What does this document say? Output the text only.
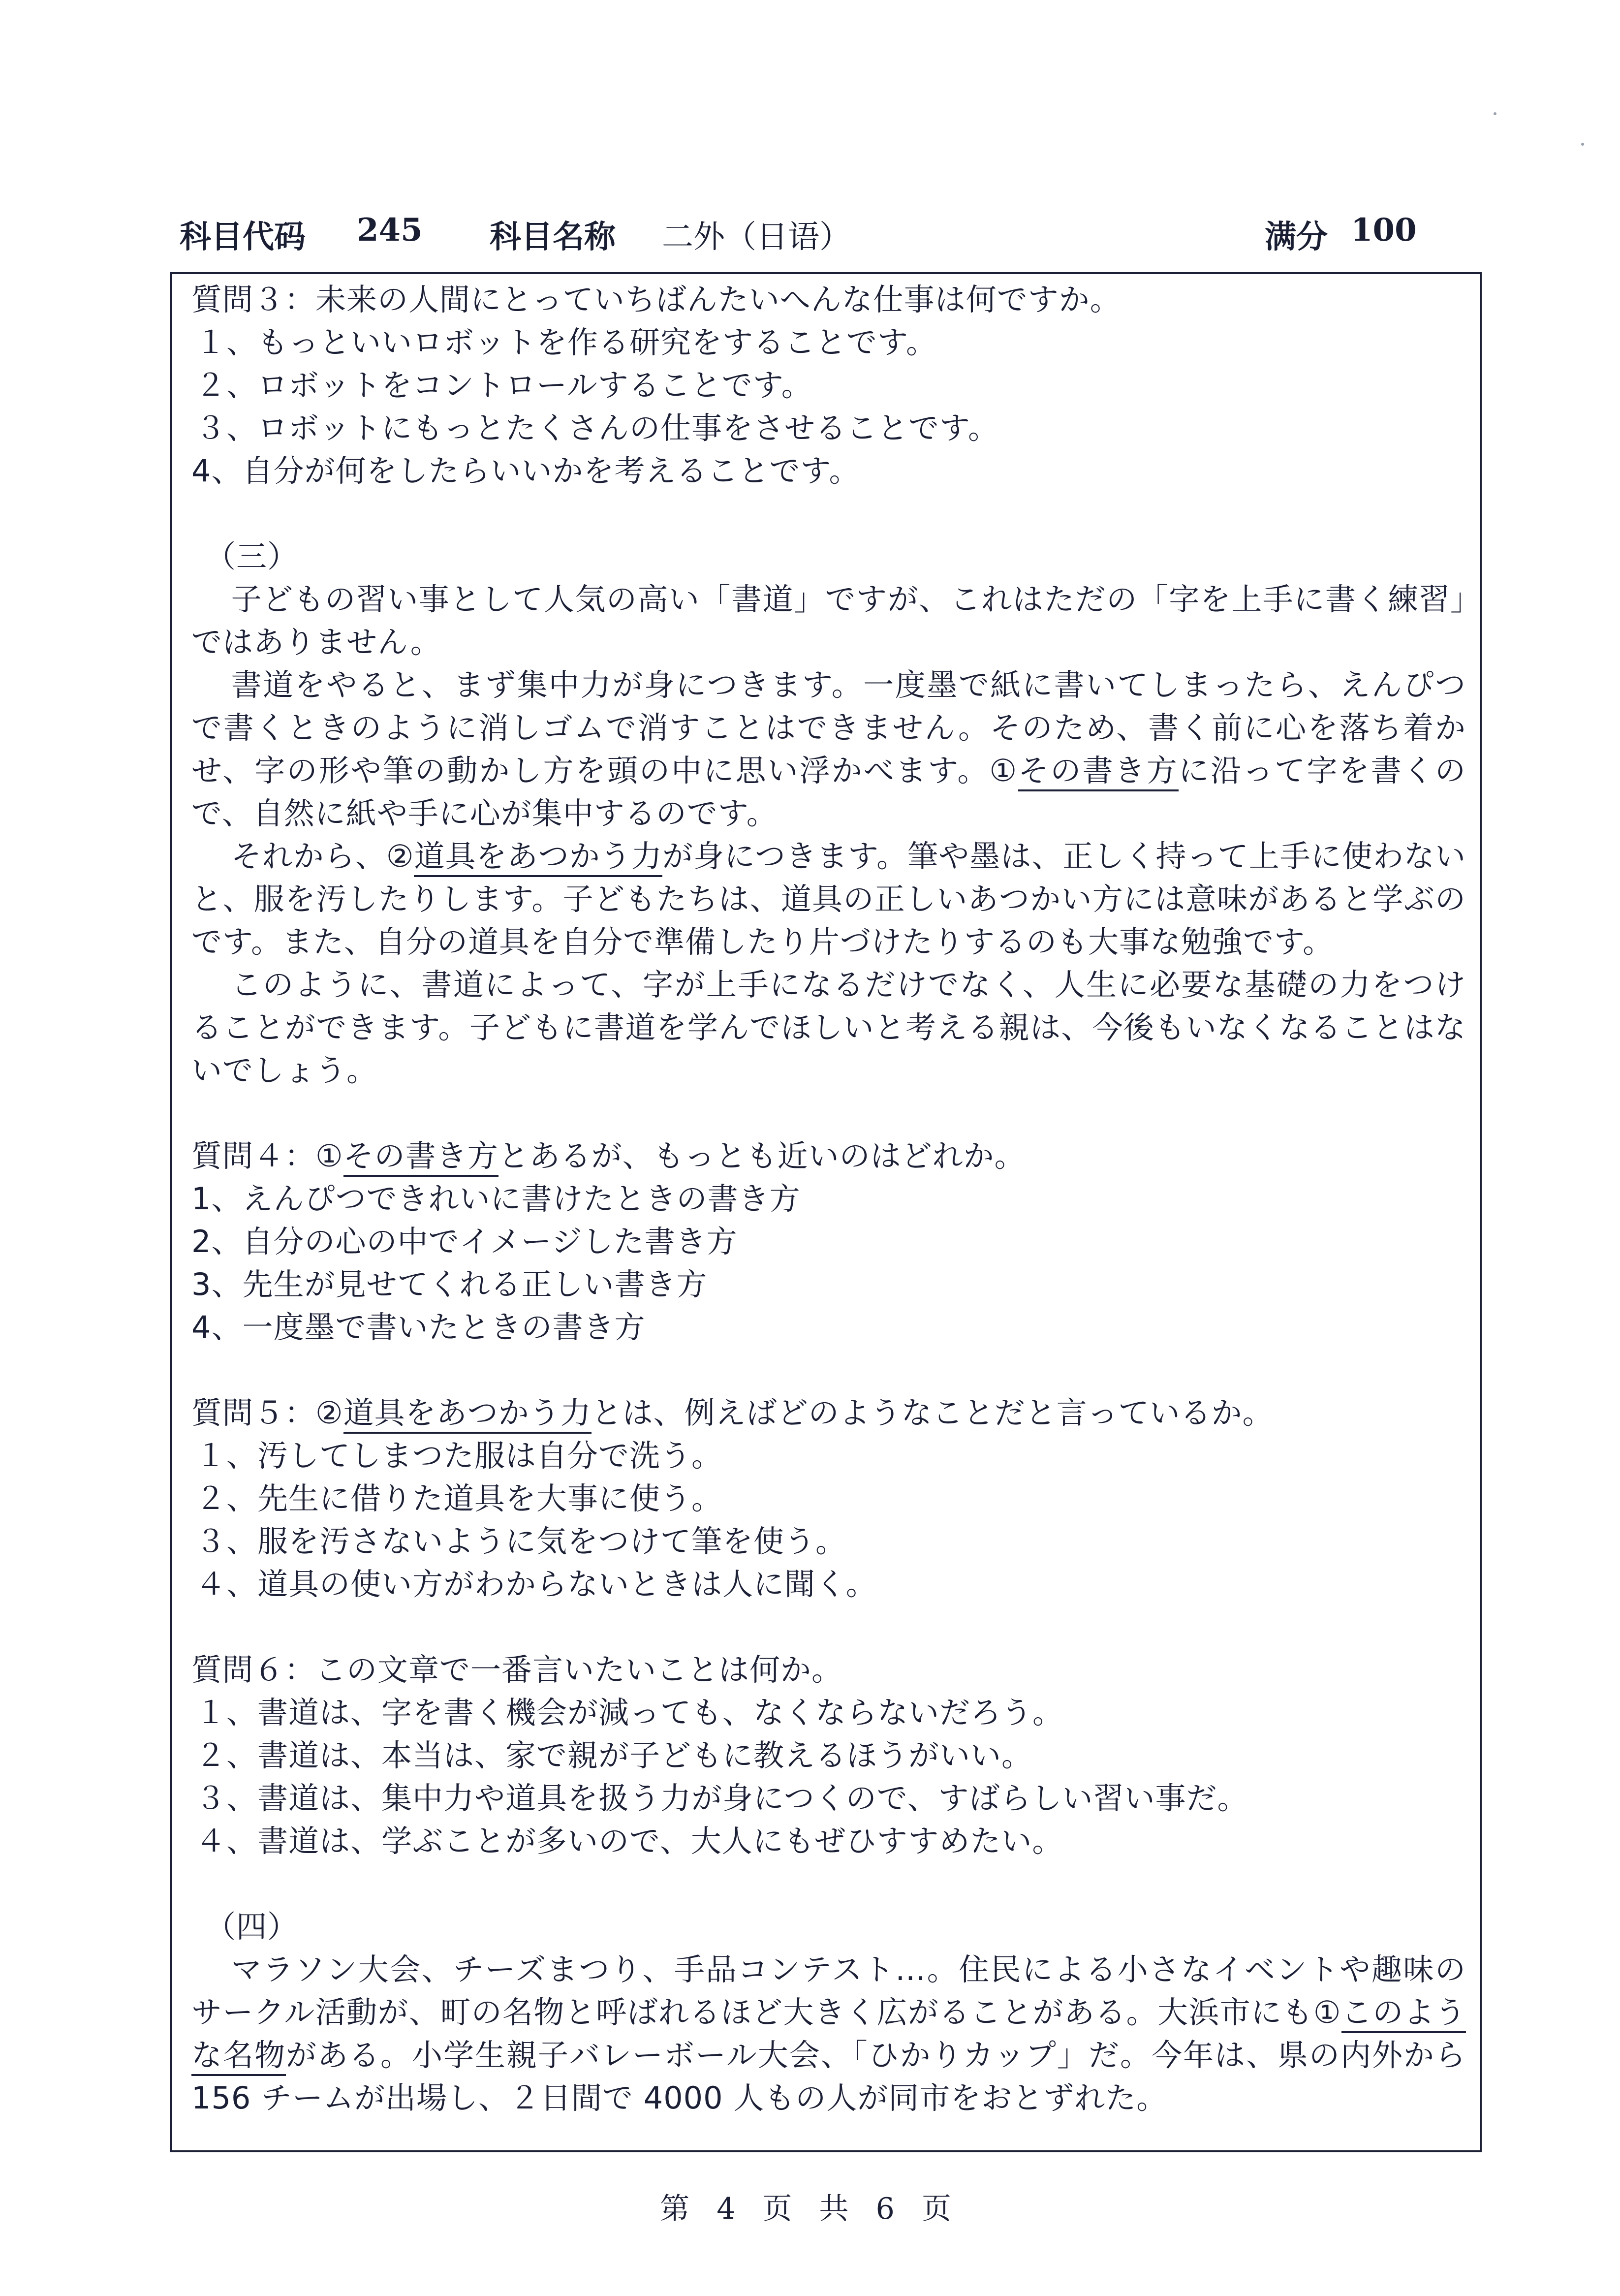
科目代码 245 科目名称 二外（日语）	满分 100
質問３：未来の人間にとっていちばんたいへんな仕事は何ですか。
１、もっといいロボットを作る研究をすることです。
２、ロボットをコントロールすることです。
３、ロボットにもっとたくさんの仕事をさせることです。
4、自分が何をしたらいいかを考えることです。
（三）
子どもの習い事として人気の高い「書道」ですが、これはただの「字を上手に書く練習」ではありません。
書道をやると、まず集中力が身につきます。一度墨で紙に書いてしまったら、えんぴつで書くときのように消しゴムで消すことはできません。そのため、書く前に心を落ち着かせ、字の形や筆の動かし方を頭の中に思い浮かべます。①その書き方に沿って字を書くので、自然に紙や手に心が集中するのです。
それから、②道具をあつかう力が身につきます。筆や墨は、正しく持って上手に使わないと、服を汚したりします。子どもたちは、道具の正しいあつかい方には意味があると学ぶのです。また、自分の道具を自分で準備したり片づけたりするのも大事な勉強です。
このように、書道によって、字が上手になるだけでなく、人生に必要な基礎の力をつけることができます。子どもに書道を学んでほしいと考える親は、今後もいなくなることはないでしょう。
質問４：①その書き方とあるが、もっとも近いのはどれか。
1、えんぴつできれいに書けたときの書き方
2、自分の心の中でイメージした書き方
3、先生が見せてくれる正しい書き方
4、一度墨で書いたときの書き方
質問５：②道具をあつかう力とは、例えばどのようなことだと言っているか。
１、汚してしまつた服は自分で洗う。
２、先生に借りた道具を大事に使う。
３、服を汚さないように気をつけて筆を使う。
４、道具の使い方がわからないときは人に聞く。
質問６：この文章で一番言いたいことは何か。
１、書道は、字を書く機会が減っても、なくならないだろう。
２、書道は、本当は、家で親が子どもに教えるほうがいい。
３、書道は、集中力や道具を扱う力が身につくので、すばらしい習い事だ。
４、書道は、学ぶことが多いので、大人にもぜひすすめたい。
（四）
マラソン大会、チーズまつり、手品コンテスト…。住民による小さなイベントや趣味のサークル活動が、町の名物と呼ばれるほど大きく広がることがある。大浜市にも①このような名物がある。小学生親子バレーボール大会、「ひかりカップ」だ。今年は、県の内外から 156 チームが出場し、２日間で 4000 人もの人が同市をおとずれた。
第 4 页 共 6 页
